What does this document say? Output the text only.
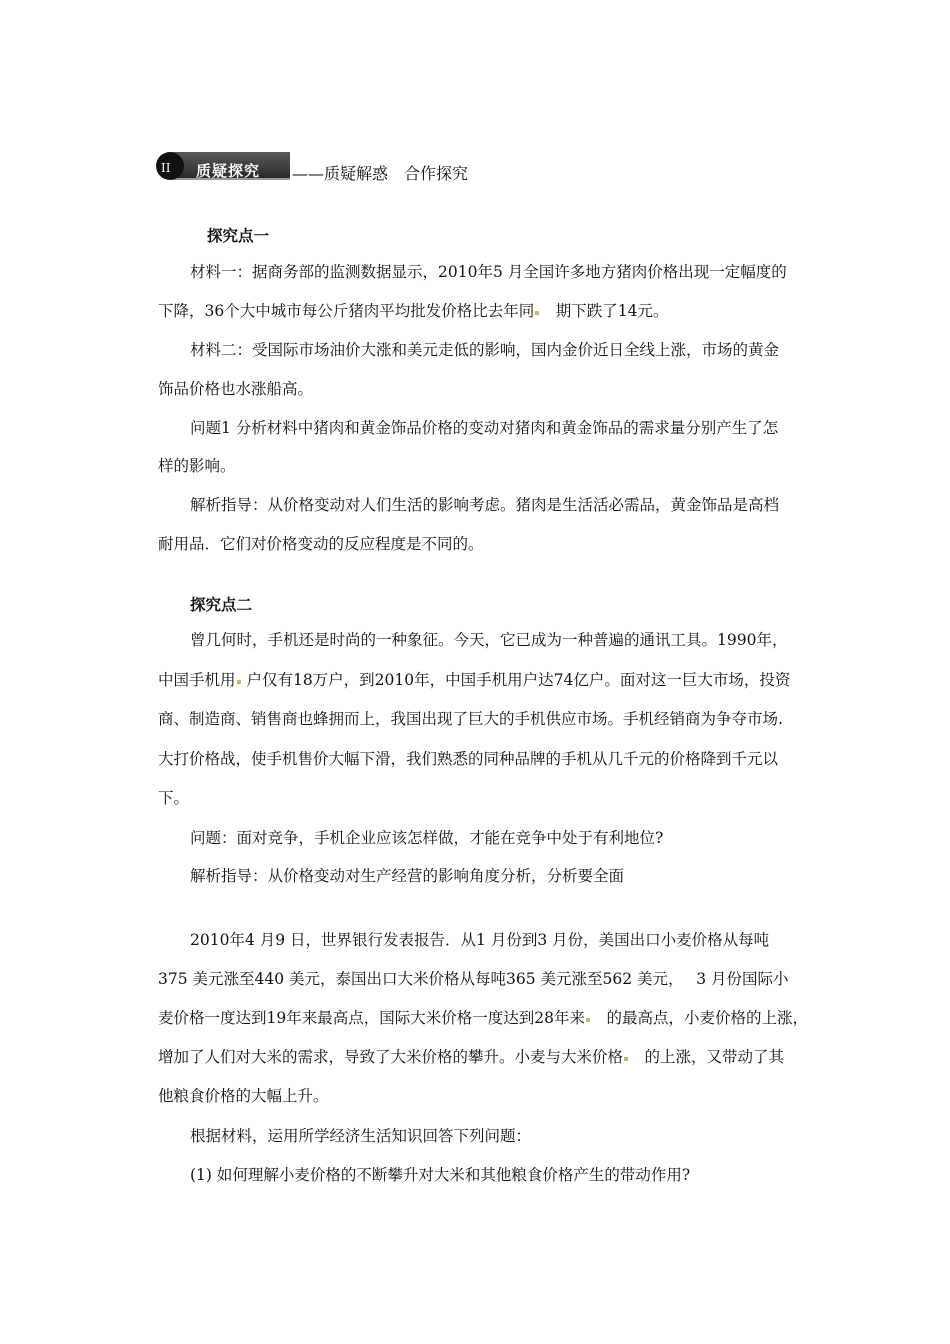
II 质疑探究 ——质疑解惑　合作探究
探究点一
材料一：据商务部的监测数据显示，2010年5 月全国许多地方猪肉价格出现一定幅度的
下降，36个大中城市每公斤猪肉平均批发价格比去年同　 期下跌了14元。
材料二：受国际市场油价大涨和美元走低的影响，国内金价近日全线上涨，市场的黄金
饰品价格也水涨船高。
问题1 分析材料中猪肉和黄金饰品价格的变动对猪肉和黄金饰品的需求量分别产生了怎
样的影响。
解析指导：从价格变动对人们生活的影响考虑。猪肉是生活活必需品，黄金饰品是高档
耐用品．它们对价格变动的反应程度是不同的。
探究点二
曾几何时，手机还是时尚的一种象征。今天，它已成为一种普遍的通讯工具。1990年，
中国手机用 户仅有18万户，到2010年，中国手机用户达74亿户。面对这一巨大市场，投资
商、制造商、销售商也蜂拥而上，我国出现了巨大的手机供应市场。手机经销商为争夺市场.
大打价格战，使手机售价大幅下滑，我们熟悉的同种品牌的手机从几千元的价格降到千元以
下。
问题：面对竞争，手机企业应该怎样做，才能在竞争中处于有利地位?
解析指导：从价格变动对生产经营的影响角度分析，分析要全面
2010年4 月9 日，世界银行发表报告．从1 月份到3 月份，美国出口小麦价格从每吨
375 美元涨至440 美元，泰国出口大米价格从每吨365 美元涨至562 美元，　 3 月份国际小
麦价格一度达到19年来最高点，国际大米价格一度达到28年来　 的最高点，小麦价格的上涨，
增加了人们对大米的需求，导致了大米价格的攀升。小麦与大米价格　 的上涨，又带动了其
他粮食价格的大幅上升。
根据材料，运用所学经济生活知识回答下列问题：
(1) 如何理解小麦价格的不断攀升对大米和其他粮食价格产生的带动作用?
